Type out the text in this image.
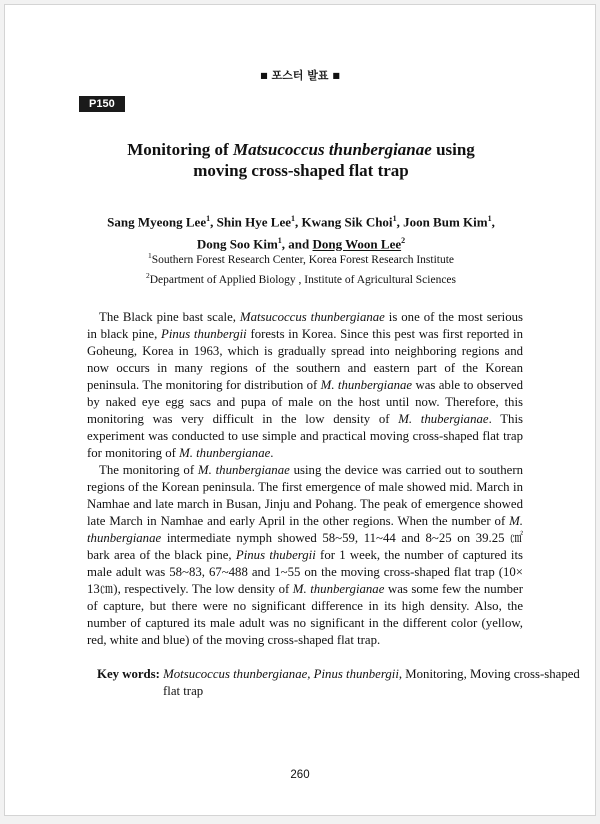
■ 포스터 발표 ■
P150
Monitoring of Matsucoccus thunbergianae using
moving cross-shaped flat trap
Sang Myeong Lee$^1$, Shin Hye Lee$^1$, Kwang Sik Choi$^1$, Joon Bum Kim$^1$,
Dong Soo Kim$^1$, and Dong Woon Lee$^2$
$^1$Southern Forest Research Center, Korea Forest Research Institute
$^2$Department of Applied Biology , Institute of Agricultural Sciences

The Black pine bast scale, Matsucoccus thunbergianae is one of the most serious in black pine, Pinus thunbergii forests in Korea. Since this pest was first reported in Goheung, Korea in 1963, which is gradually spread into neighboring regions and now occurs in many regions of the southern and eastern part of the Korean peninsula. The monitoring for distribution of M. thunbergianae was able to observed by naked eye egg sacs and pupa of male on the host until now. Therefore, this monitoring was very difficult in the low density of M. thubergianae. This experiment was conducted to use simple and practical moving cross-shaped flat trap for monitoring of M. thunbergianae.

The monitoring of M. thunbergianae using the device was carried out to southern regions of the Korean peninsula. The first emergence of male showed mid. March in Namhae and late march in Busan, Jinju and Pohang. The peak of emergence showed late March in Namhae and early April in the other regions. When the number of M. thunbergianae intermediate nymph showed 58~59, 11~44 and 8~25 on 39.25 ㎠ bark area of the black pine, Pinus thubergii for 1 week, the number of captured its male adult was 58~83, 67~488 and 1~55 on the moving cross-shaped flat trap (10× 13㎝), respectively. The low density of M. thunbergianae was some few the number of capture, but there were no significant difference in its high density. Also, the number of captured its male adult was no significant in the different color (yellow, red, white and blue) of the moving cross-shaped flat trap.

Key words: Motsucoccus thunbergianae, Pinus thunbergii, Monitoring, Moving cross-shaped flat trap
260
